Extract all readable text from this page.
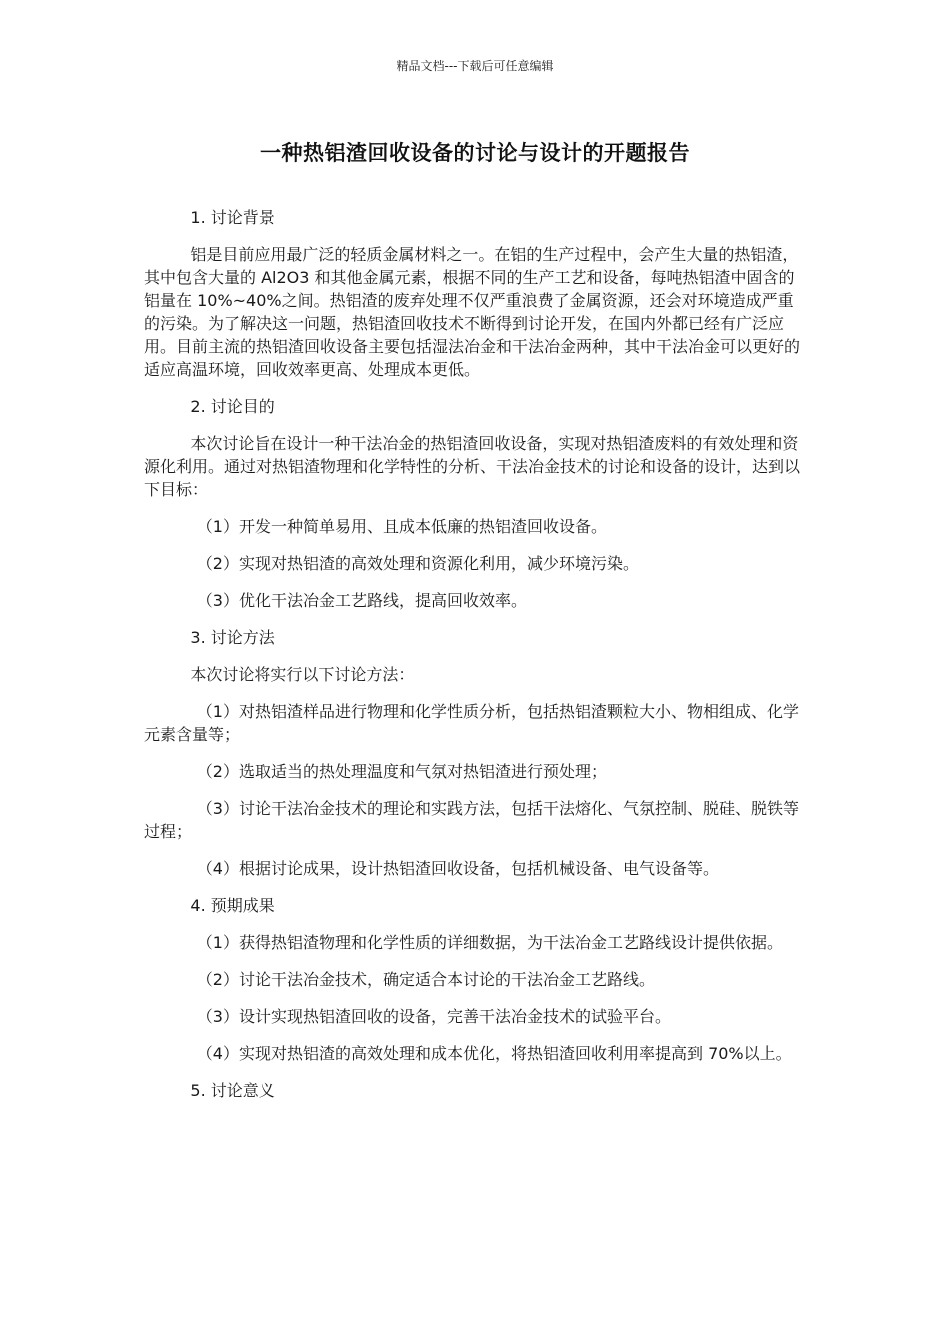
精品文档---下载后可任意编辑
一种热铝渣回收设备的讨论与设计的开题报告

1. 讨论背景

铝是目前应用最广泛的轻质金属材料之一。在铝的生产过程中，会产生大量的热铝渣，其中包含大量的 Al2O3 和其他金属元素，根据不同的生产工艺和设备，每吨热铝渣中固含的铝量在 10%~40%之间。热铝渣的废弃处理不仅严重浪费了金属资源，还会对环境造成严重的污染。为了解决这一问题，热铝渣回收技术不断得到讨论开发，在国内外都已经有广泛应用。目前主流的热铝渣回收设备主要包括湿法冶金和干法冶金两种，其中干法冶金可以更好的适应高温环境，回收效率更高、处理成本更低。

2. 讨论目的

本次讨论旨在设计一种干法冶金的热铝渣回收设备，实现对热铝渣废料的有效处理和资源化利用。通过对热铝渣物理和化学特性的分析、干法冶金技术的讨论和设备的设计，达到以下目标：

（1）开发一种简单易用、且成本低廉的热铝渣回收设备。

（2）实现对热铝渣的高效处理和资源化利用，减少环境污染。

（3）优化干法冶金工艺路线，提高回收效率。

3. 讨论方法

本次讨论将实行以下讨论方法：

（1）对热铝渣样品进行物理和化学性质分析，包括热铝渣颗粒大小、物相组成、化学元素含量等；

（2）选取适当的热处理温度和气氛对热铝渣进行预处理；

（3）讨论干法冶金技术的理论和实践方法，包括干法熔化、气氛控制、脱硅、脱铁等过程；

（4）根据讨论成果，设计热铝渣回收设备，包括机械设备、电气设备等。

4. 预期成果

（1）获得热铝渣物理和化学性质的详细数据，为干法冶金工艺路线设计提供依据。

（2）讨论干法冶金技术，确定适合本讨论的干法冶金工艺路线。

（3）设计实现热铝渣回收的设备，完善干法冶金技术的试验平台。

（4）实现对热铝渣的高效处理和成本优化，将热铝渣回收利用率提高到 70%以上。

5. 讨论意义
